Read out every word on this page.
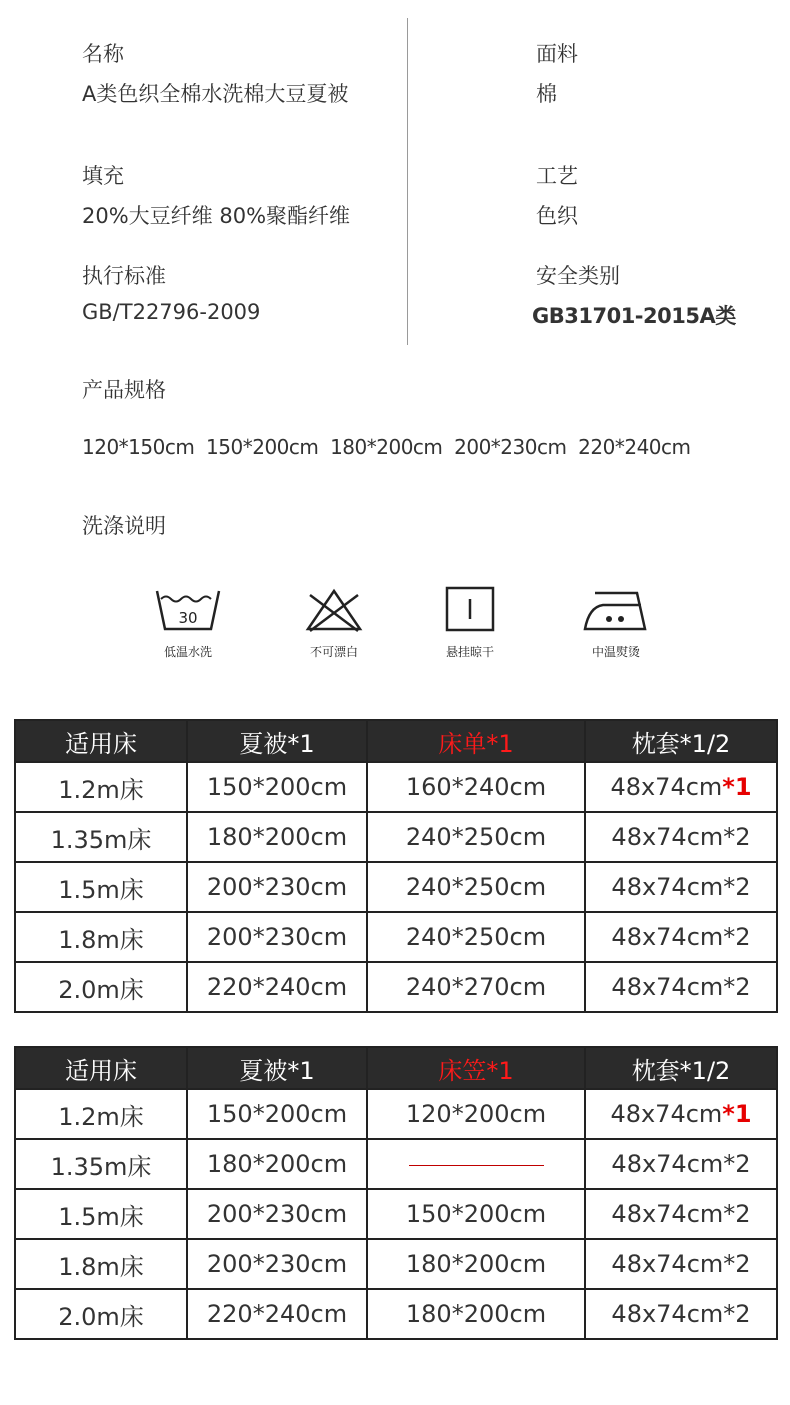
名称
A类色织全棉水洗棉大豆夏被
面料
棉
填充
20%大豆纤维 80%聚酯纤维
工艺
色织
执行标准
GB/T22796-2009
安全类别
GB31701-2015A类
产品规格
120*150cm  150*200cm  180*200cm  200*230cm  220*240cm
洗涤说明
30
低温水洗	不可漂白	悬挂晾干	中温熨烫
适用床	夏被*1	床单*1	枕套*1/2
1.2m床	150*200cm	160*240cm	48x74cm*1
1.35m床	180*200cm	240*250cm	48x74cm*2
1.5m床	200*230cm	240*250cm	48x74cm*2
1.8m床	200*230cm	240*250cm	48x74cm*2
2.0m床	220*240cm	240*270cm	48x74cm*2
适用床	夏被*1	床笠*1	枕套*1/2
1.2m床	150*200cm	120*200cm	48x74cm*1
1.35m床	180*200cm		48x74cm*2
1.5m床	200*230cm	150*200cm	48x74cm*2
1.8m床	200*230cm	180*200cm	48x74cm*2
2.0m床	220*240cm	180*200cm	48x74cm*2
